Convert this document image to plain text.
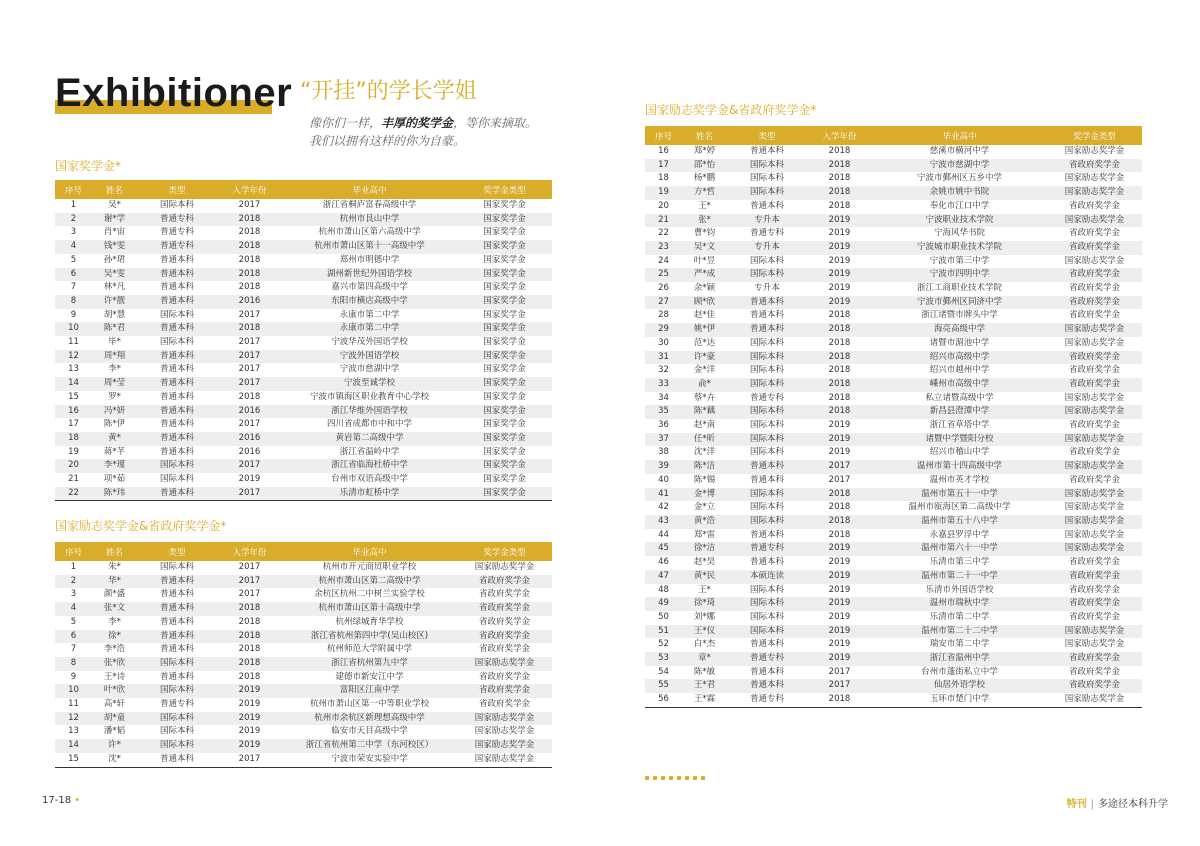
Exhibitioner “开挂”的学长学姐
像你们一样，丰厚的奖学金，等你来摘取。
我们以拥有这样的你为自豪。
国家奖学金*
序号	姓名	类型	入学年份	毕业高中	奖学金类型
1	吴*	国际本科	2017	浙江省桐庐富春高级中学	国家奖学金
2	谢*学	普通专科	2018	杭州市艮山中学	国家奖学金
3	肖*宙	普通专科	2018	杭州市萧山区第六高级中学	国家奖学金
4	钱*雯	普通专科	2018	杭州市萧山区第十一高级中学	国家奖学金
5	孙*珺	普通本科	2018	郑州市明德中学	国家奖学金
6	吴*雯	普通本科	2018	湖州新世纪外国语学校	国家奖学金
7	林*凡	普通本科	2018	嘉兴市第四高级中学	国家奖学金
8	许*靓	普通本科	2016	东阳市横店高级中学	国家奖学金
9	胡*慧	国际本科	2017	永康市第二中学	国家奖学金
10	陈*君	普通本科	2018	永康市第二中学	国家奖学金
11	毕*	国际本科	2017	宁波华茂外国语学校	国家奖学金
12	周*翔	普通本科	2017	宁波外国语学校	国家奖学金
13	李*	普通本科	2017	宁波市慈湖中学	国家奖学金
14	周*莹	普通本科	2017	宁波至诚学校	国家奖学金
15	罗*	普通本科	2018	宁波市镇海区职业教育中心学校	国家奖学金
16	冯*妍	普通本科	2016	浙江华维外国语学校	国家奖学金
17	陈*伊	普通本科	2017	四川省成都市中和中学	国家奖学金
18	黄*	普通本科	2016	黄岩第二高级中学	国家奖学金
19	蒋*芊	普通本科	2016	浙江省温岭中学	国家奖学金
20	李*瑾	国际本科	2017	浙江省临海杜桥中学	国家奖学金
21	项*茹	国际本科	2019	台州市双语高级中学	国家奖学金
22	陈*玮	普通本科	2017	乐清市虹桥中学	国家奖学金
国家励志奖学金&省政府奖学金*
序号	姓名	类型	入学年份	毕业高中	奖学金类型
1	朱*	国际本科	2017	杭州市开元商贸职业学校	国家励志奖学金
2	华*	普通本科	2017	杭州市萧山区第二高级中学	省政府奖学金
3	颜*盛	普通本科	2017	余杭区杭州二中树兰实验学校	省政府奖学金
4	张*文	普通本科	2018	杭州市萧山区第十高级中学	省政府奖学金
5	李*	普通本科	2018	杭州绿城育华学校	省政府奖学金
6	徐*	普通本科	2018	浙江省杭州第四中学(吴山校区)	省政府奖学金
7	李*浩	普通本科	2018	杭州师范大学附属中学	省政府奖学金
8	张*欣	国际本科	2018	浙江省杭州第九中学	国家励志奖学金
9	王*诗	普通本科	2018	建德市新安江中学	省政府奖学金
10	叶*欣	国际本科	2019	富阳区江南中学	省政府奖学金
11	高*轩	普通专科	2019	杭州市萧山区第一中等职业学校	省政府奖学金
12	胡*童	国际本科	2019	杭州市余杭区新理想高级中学	国家励志奖学金
13	潘*韬	国际本科	2019	临安市天目高级中学	国家励志奖学金
14	许*	国际本科	2019	浙江省杭州第二中学（东河校区）	国家励志奖学金
15	沈*	普通本科	2017	宁波市荣安实验中学	国家励志奖学金
国家励志奖学金&省政府奖学金*
序号	姓名	类型	入学年份	毕业高中	奖学金类型
16	郑*婷	普通本科	2018	慈溪市横河中学	国家励志奖学金
17	邵*怡	国际本科	2018	宁波市慈湖中学	省政府奖学金
18	杨*鹏	国际本科	2018	宁波市鄞州区五乡中学	国家励志奖学金
19	方*哲	国际本科	2018	余姚市姚中书院	国家励志奖学金
20	王*	普通本科	2018	奉化市江口中学	省政府奖学金
21	张*	专升本	2019	宁波职业技术学院	国家励志奖学金
22	曹*钧	普通专科	2019	宁海风华书院	省政府奖学金
23	吴*文	专升本	2019	宁波城市职业技术学院	省政府奖学金
24	叶*昱	国际本科	2019	宁波市第三中学	国家励志奖学金
25	严*成	国际本科	2019	宁波市四明中学	省政府奖学金
26	余*颖	专升本	2019	浙江工商职业技术学院	省政府奖学金
27	顾*欣	普通本科	2019	宁波市鄞州区同济中学	省政府奖学金
28	赵*佳	普通本科	2018	浙江诸暨市牌头中学	省政府奖学金
29	姚*伊	普通本科	2018	海亮高级中学	国家励志奖学金
30	范*达	国际本科	2018	诸暨市湄池中学	国家励志奖学金
31	许*豪	国际本科	2018	绍兴市高级中学	省政府奖学金
32	金*洋	国际本科	2018	绍兴市越州中学	省政府奖学金
33	俞*	国际本科	2018	嵊州市高级中学	省政府奖学金
34	蔡*卉	普通专科	2018	私立诸暨高级中学	国家励志奖学金
35	陈*藕	国际本科	2018	新昌县澄潭中学	国家励志奖学金
36	赵*南	国际本科	2019	浙江省草塔中学	省政府奖学金
37	任*昕	国际本科	2019	诸暨中学暨阳分校	国家励志奖学金
38	沈*洋	国际本科	2019	绍兴市稽山中学	省政府奖学金
39	陈*洁	普通本科	2017	温州市第十四高级中学	国家励志奖学金
40	陈*锡	普通本科	2017	温州市英才学校	省政府奖学金
41	金*博	国际本科	2018	温州市第五十一中学	国家励志奖学金
42	金*立	国际本科	2018	温州市瓯海区第二高级中学	国家励志奖学金
43	黄*浩	国际本科	2018	温州市第五十八中学	国家励志奖学金
44	郑*雷	普通本科	2018	永嘉县罗浮中学	国家励志奖学金
45	徐*洁	普通专科	2019	温州市第六十一中学	国家励志奖学金
46	赵*昊	普通本科	2019	乐清市第三中学	省政府奖学金
47	黄*民	本硕连读	2019	温州市第二十一中学	省政府奖学金
48	王*	国际本科	2019	乐清市外国语学校	省政府奖学金
49	徐*琦	国际本科	2019	温州市瑞秋中学	省政府奖学金
50	刘*娜	国际本科	2019	乐清市第二中学	省政府奖学金
51	王*仪	国际本科	2019	温州市第二十二中学	国家励志奖学金
52	白*杰	普通本科	2019	瑞安市第二中学	国家励志奖学金
53	章*	普通专科	2019	浙江省温州中学	省政府奖学金
54	陈*敏	普通本科	2017	台州市蓬街私立中学	省政府奖学金
55	王*君	普通本科	2017	仙居外语学校	省政府奖学金
56	王*霖	普通专科	2018	玉环市楚门中学	国家励志奖学金
17-18 •	特刊 | 多途径本科升学
